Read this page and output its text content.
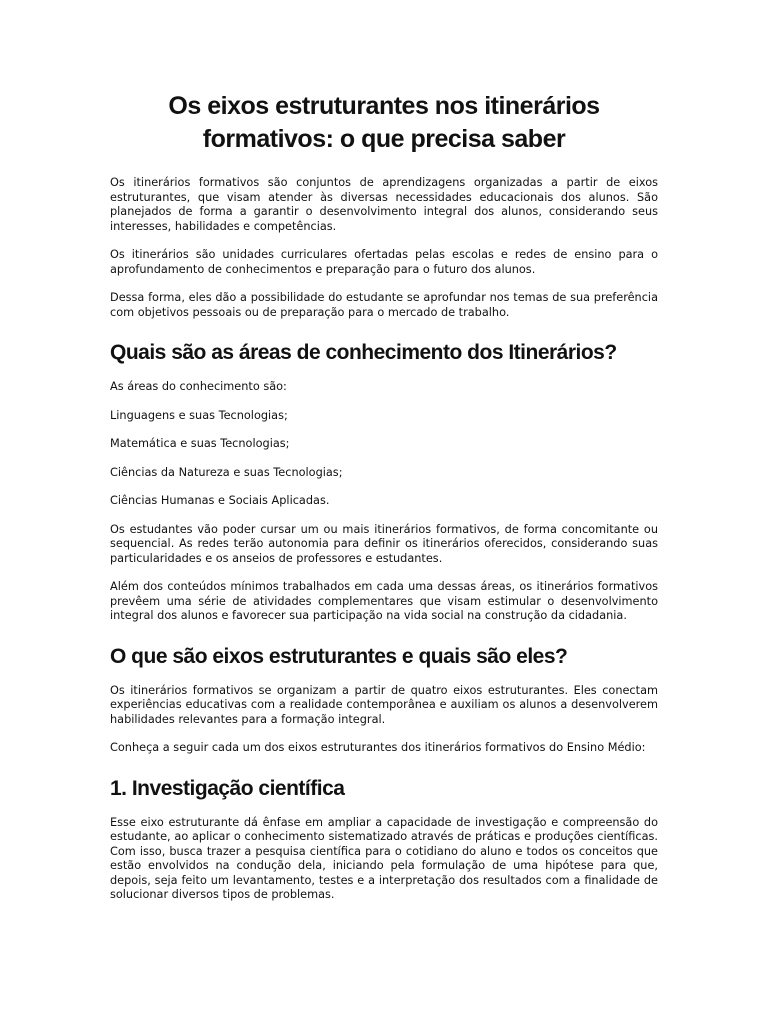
Os eixos estruturantes nos itinerários formativos: o que precisa saber

Os itinerários formativos são conjuntos de aprendizagens organizadas a partir de eixos estruturantes, que visam atender às diversas necessidades educacionais dos alunos. São planejados de forma a garantir o desenvolvimento integral dos alunos, considerando seus interesses, habilidades e competências.

Os itinerários são unidades curriculares ofertadas pelas escolas e redes de ensino para o aprofundamento de conhecimentos e preparação para o futuro dos alunos.

Dessa forma, eles dão a possibilidade do estudante se aprofundar nos temas de sua preferência com objetivos pessoais ou de preparação para o mercado de trabalho.

Quais são as áreas de conhecimento dos Itinerários?

As áreas do conhecimento são:

Linguagens e suas Tecnologias;

Matemática e suas Tecnologias;

Ciências da Natureza e suas Tecnologias;

Ciências Humanas e Sociais Aplicadas.

Os estudantes vão poder cursar um ou mais itinerários formativos, de forma concomitante ou sequencial. As redes terão autonomia para definir os itinerários oferecidos, considerando suas particularidades e os anseios de professores e estudantes.

Além dos conteúdos mínimos trabalhados em cada uma dessas áreas, os itinerários formativos prevêem uma série de atividades complementares que visam estimular o desenvolvimento integral dos alunos e favorecer sua participação na vida social na construção da cidadania.

O que são eixos estruturantes e quais são eles?

Os itinerários formativos se organizam a partir de quatro eixos estruturantes. Eles conectam experiências educativas com a realidade contemporânea e auxiliam os alunos a desenvolverem habilidades relevantes para a formação integral.

Conheça a seguir cada um dos eixos estruturantes dos itinerários formativos do Ensino Médio:

1. Investigação científica

Esse eixo estruturante dá ênfase em ampliar a capacidade de investigação e compreensão do estudante, ao aplicar o conhecimento sistematizado através de práticas e produções científicas. Com isso, busca trazer a pesquisa científica para o cotidiano do aluno e todos os conceitos que estão envolvidos na condução dela, iniciando pela formulação de uma hipótese para que, depois, seja feito um levantamento, testes e a interpretação dos resultados com a finalidade de solucionar diversos tipos de problemas.
